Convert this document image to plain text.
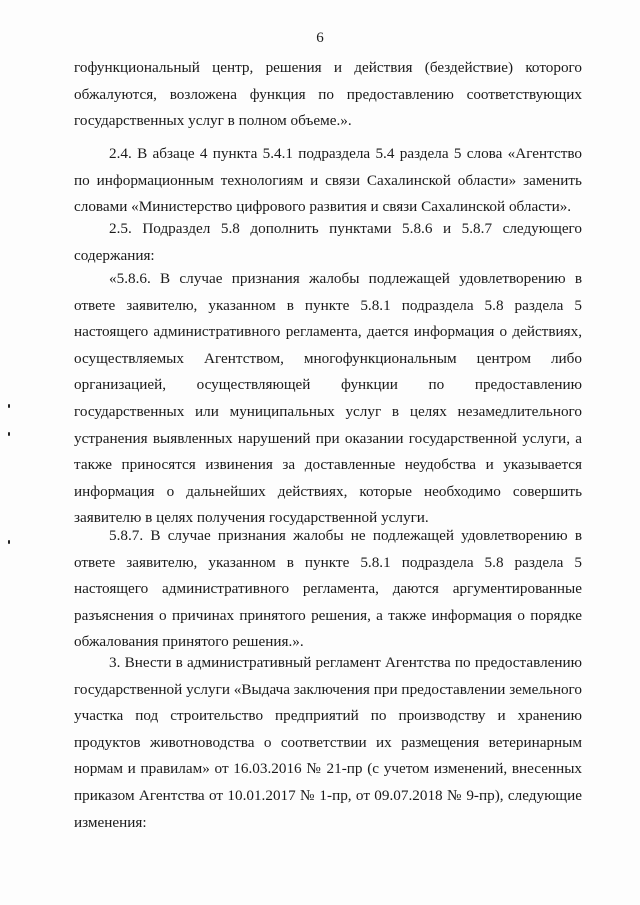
6

гофункциональный центр, решения и действия (бездействие) которого обжалуются, возложена функция по предоставлению соответствующих государственных услуг в полном объеме.».

2.4. В абзаце 4 пункта 5.4.1 подраздела 5.4 раздела 5 слова «Агентство по информационным технологиям и связи Сахалинской области» заменить словами «Министерство цифрового развития и связи Сахалинской области».

2.5. Подраздел 5.8 дополнить пунктами 5.8.6 и 5.8.7 следующего содержания:

«5.8.6. В случае признания жалобы подлежащей удовлетворению в ответе заявителю, указанном в пункте 5.8.1 подраздела 5.8 раздела 5 настоящего административного регламента, дается информация о действиях, осуществляемых Агентством, многофункциональным центром либо организацией, осуществляющей функции по предоставлению государственных или муниципальных услуг в целях незамедлительного устранения выявленных нарушений при оказании государственной услуги, а также приносятся извинения за доставленные неудобства и указывается информация о дальнейших действиях, которые необходимо совершить заявителю в целях получения государственной услуги.

5.8.7. В случае признания жалобы не подлежащей удовлетворению в ответе заявителю, указанном в пункте 5.8.1 подраздела 5.8 раздела 5 настоящего административного регламента, даются аргументированные разъяснения о причинах принятого решения, а также информация о порядке обжалования принятого решения.».

3. Внести в административный регламент Агентства по предоставлению государственной услуги «Выдача заключения при предоставлении земельного участка под строительство предприятий по производству и хранению продуктов животноводства о соответствии их размещения ветеринарным нормам и правилам» от 16.03.2016 № 21-пр (с учетом изменений, внесенных приказом Агентства от 10.01.2017 № 1-пр, от 09.07.2018 № 9-пр), следующие изменения:
